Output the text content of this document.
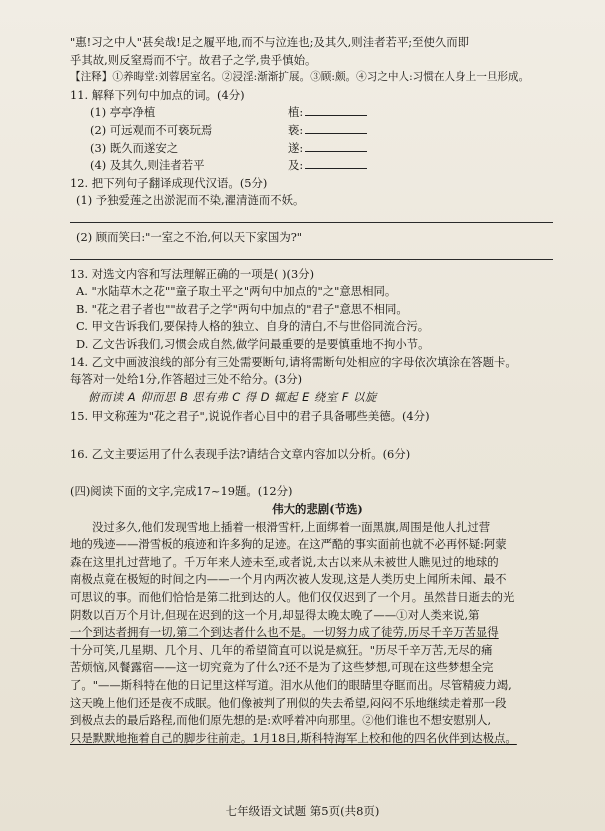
"惠!习之中人"甚矣哉!足之履平地,而不与泣连也;及其久,则洼者若平;至使久而即
乎其故,则反窒焉而不宁。故君子之学,贵乎慎始。
【注释】①养晦堂:刘蓉居室名。②浸淫:渐渐扩展。③顾:颇。④习之中人:习惯在人身上一旦形成。
11. 解释下列句中加点的词。(4分)
(1) 亭亭净植	植:
(2) 可远观而不可亵玩焉	亵:
(3) 既久而遂安之	遂:
(4) 及其久,则洼者若平	及:
12. 把下列句子翻译成现代汉语。(5分)
(1) 予独爱莲之出淤泥而不染,濯清涟而不妖。
(2) 顾而笑曰:"一室之不治,何以天下家国为?"
13. 对选文内容和写法理解正确的一项是( )(3分)
A. "水陆草木之花""童子取土平之"两句中加点的"之"意思相同。
B. "花之君子者也""故君子之学"两句中加点的"君子"意思不相同。
C. 甲文告诉我们,要保持人格的独立、自身的清白,不与世俗同流合污。
D. 乙文告诉我们,习惯会成自然,做学问最重要的是要慎重地不拘小节。
14. 乙文中画波浪线的部分有三处需要断句,请将需断句处相应的字母依次填涂在答题卡。
每答对一处给1分,作答超过三处不给分。(3分)
俯而读 A 仰而思 B 思有弗 C 得 D 辄起 E 绕室 F 以旋
15. 甲文称莲为"花之君子",说说作者心目中的君子具备哪些美德。(4分)
16. 乙文主要运用了什么表现手法?请结合文章内容加以分析。(6分)
(四)阅读下面的文字,完成17~19题。(12分)
伟大的悲剧(节选)
没过多久,他们发现雪地上插着一根滑雪杆,上面绑着一面黑旗,周围是他人扎过营
地的残迹——滑雪板的痕迹和许多狗的足迹。在这严酷的事实面前也就不必再怀疑:阿蒙
森在这里扎过营地了。千万年来人迹未至,或者说,太古以来从未被世人瞧见过的地球的
南极点竟在极短的时间之内——一个月内两次被人发现,这是人类历史上闻所未闻、最不
可思议的事。而他们恰恰是第二批到达的人。他们仅仅迟到了一个月。虽然昔日逝去的光
阴数以百万个月计,但现在迟到的这一个月,却显得太晚太晚了——①对人类来说,第
一个到达者拥有一切,第二个到达者什么也不是。一切努力成了徒劳,历尽千辛万苦显得
十分可笑,几星期、几个月、几年的希望简直可以说是疯狂。"历尽千辛万苦,无尽的痛
苦烦恼,风餐露宿——这一切究竟为了什么?还不是为了这些梦想,可现在这些梦想全完
了。"——斯科特在他的日记里这样写道。泪水从他们的眼睛里夺眶而出。尽管精疲力竭,
这天晚上他们还是夜不成眠。他们像被判了刑似的失去希望,闷闷不乐地继续走着那一段
到极点去的最后路程,而他们原先想的是:欢呼着冲向那里。②他们谁也不想安慰别人,
只是默默地拖着自己的脚步往前走。1月18日,斯科特海军上校和他的四名伙伴到达极点。
七年级语文试题 第5页(共8页)
